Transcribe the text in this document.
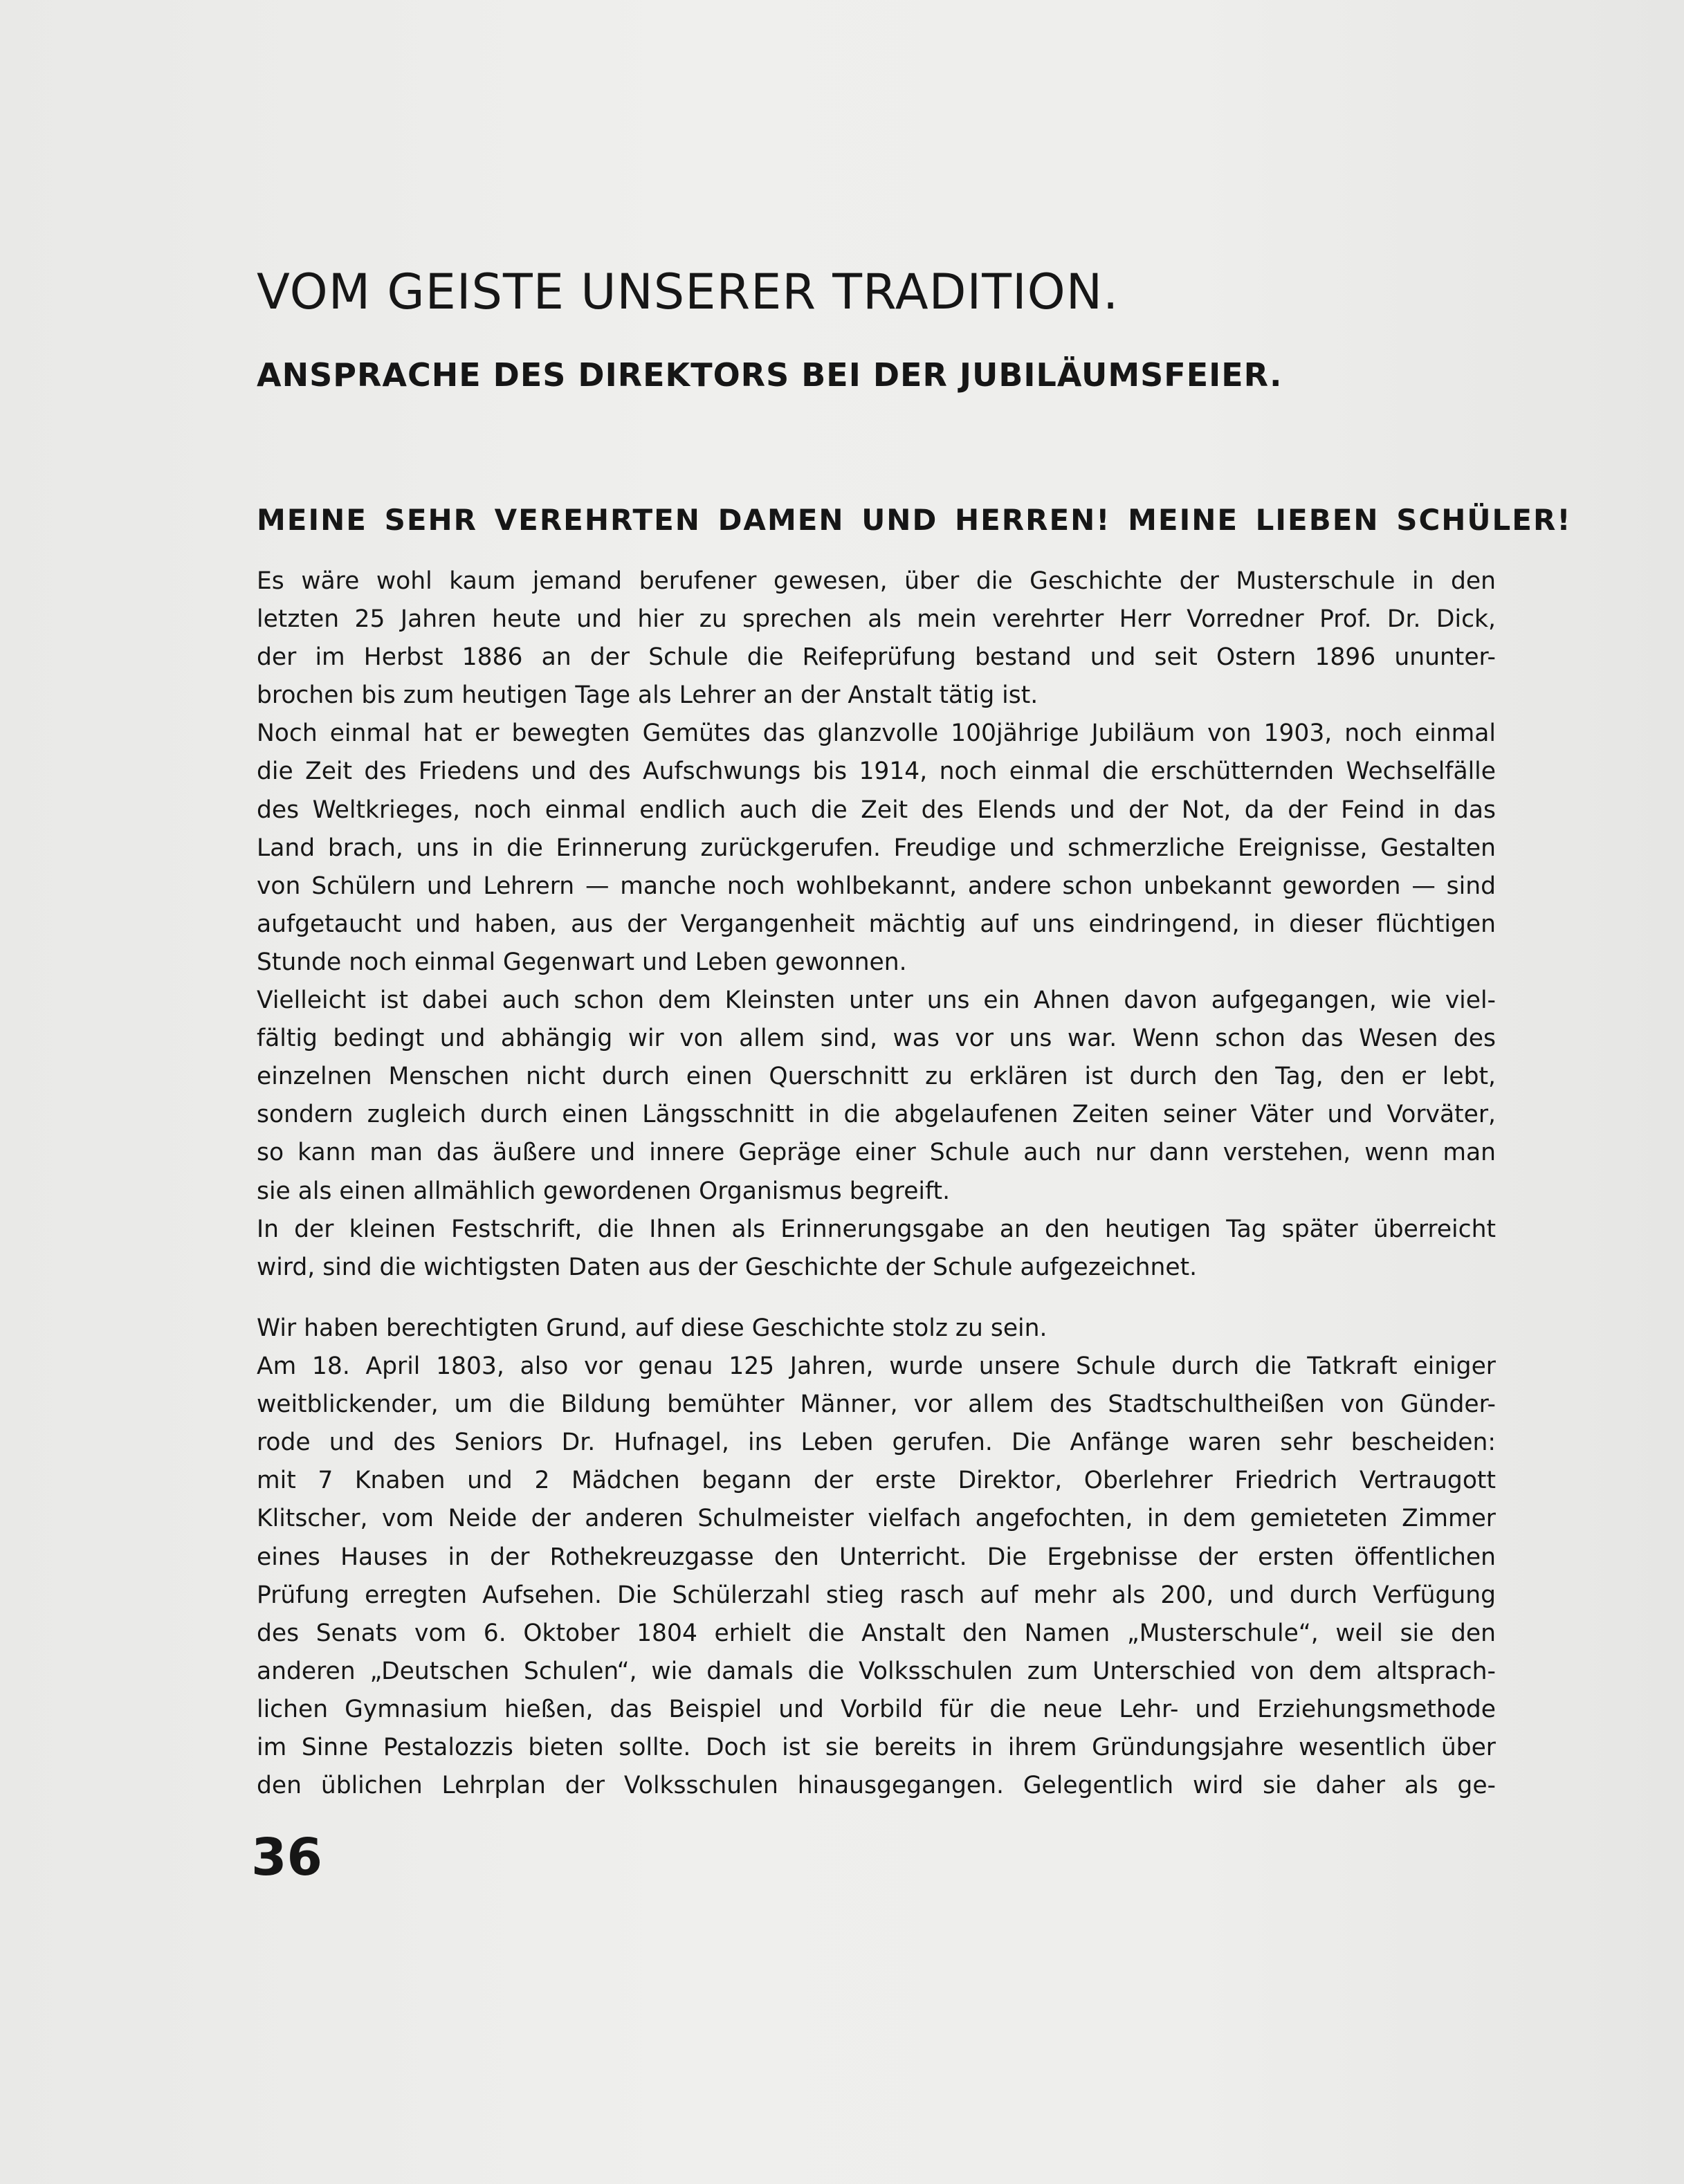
VOM GEISTE UNSERER TRADITION.
ANSPRACHE DES DIREKTORS BEI DER JUBILÄUMSFEIER.
MEINE SEHR VEREHRTEN DAMEN UND HERREN! MEINE LIEBEN SCHÜLER!
Es wäre wohl kaum jemand berufener gewesen, über die Geschichte der Musterschule in den
letzten 25 Jahren heute und hier zu sprechen als mein verehrter Herr Vorredner Prof. Dr. Dick,
der im Herbst 1886 an der Schule die Reifeprüfung bestand und seit Ostern 1896 ununter-
brochen bis zum heutigen Tage als Lehrer an der Anstalt tätig ist.
Noch einmal hat er bewegten Gemütes das glanzvolle 100jährige Jubiläum von 1903, noch einmal
die Zeit des Friedens und des Aufschwungs bis 1914, noch einmal die erschütternden Wechselfälle
des Weltkrieges, noch einmal endlich auch die Zeit des Elends und der Not, da der Feind in das
Land brach, uns in die Erinnerung zurückgerufen. Freudige und schmerzliche Ereignisse, Gestalten
von Schülern und Lehrern — manche noch wohlbekannt, andere schon unbekannt geworden — sind
aufgetaucht und haben, aus der Vergangenheit mächtig auf uns eindringend, in dieser flüchtigen
Stunde noch einmal Gegenwart und Leben gewonnen.
Vielleicht ist dabei auch schon dem Kleinsten unter uns ein Ahnen davon aufgegangen, wie viel-
fältig bedingt und abhängig wir von allem sind, was vor uns war. Wenn schon das Wesen des
einzelnen Menschen nicht durch einen Querschnitt zu erklären ist durch den Tag, den er lebt,
sondern zugleich durch einen Längsschnitt in die abgelaufenen Zeiten seiner Väter und Vorväter,
so kann man das äußere und innere Gepräge einer Schule auch nur dann verstehen, wenn man
sie als einen allmählich gewordenen Organismus begreift.
In der kleinen Festschrift, die Ihnen als Erinnerungsgabe an den heutigen Tag später überreicht
wird, sind die wichtigsten Daten aus der Geschichte der Schule aufgezeichnet.
Wir haben berechtigten Grund, auf diese Geschichte stolz zu sein.
Am 18. April 1803, also vor genau 125 Jahren, wurde unsere Schule durch die Tatkraft einiger
weitblickender, um die Bildung bemühter Männer, vor allem des Stadtschultheißen von Günder-
rode und des Seniors Dr. Hufnagel, ins Leben gerufen. Die Anfänge waren sehr bescheiden:
mit 7 Knaben und 2 Mädchen begann der erste Direktor, Oberlehrer Friedrich Vertraugott
Klitscher, vom Neide der anderen Schulmeister vielfach angefochten, in dem gemieteten Zimmer
eines Hauses in der Rothekreuzgasse den Unterricht. Die Ergebnisse der ersten öffentlichen
Prüfung erregten Aufsehen. Die Schülerzahl stieg rasch auf mehr als 200, und durch Verfügung
des Senats vom 6. Oktober 1804 erhielt die Anstalt den Namen „Musterschule“, weil sie den
anderen „Deutschen Schulen“, wie damals die Volksschulen zum Unterschied von dem altsprach-
lichen Gymnasium hießen, das Beispiel und Vorbild für die neue Lehr- und Erziehungsmethode
im Sinne Pestalozzis bieten sollte. Doch ist sie bereits in ihrem Gründungsjahre wesentlich über
den üblichen Lehrplan der Volksschulen hinausgegangen. Gelegentlich wird sie daher als ge-
36
